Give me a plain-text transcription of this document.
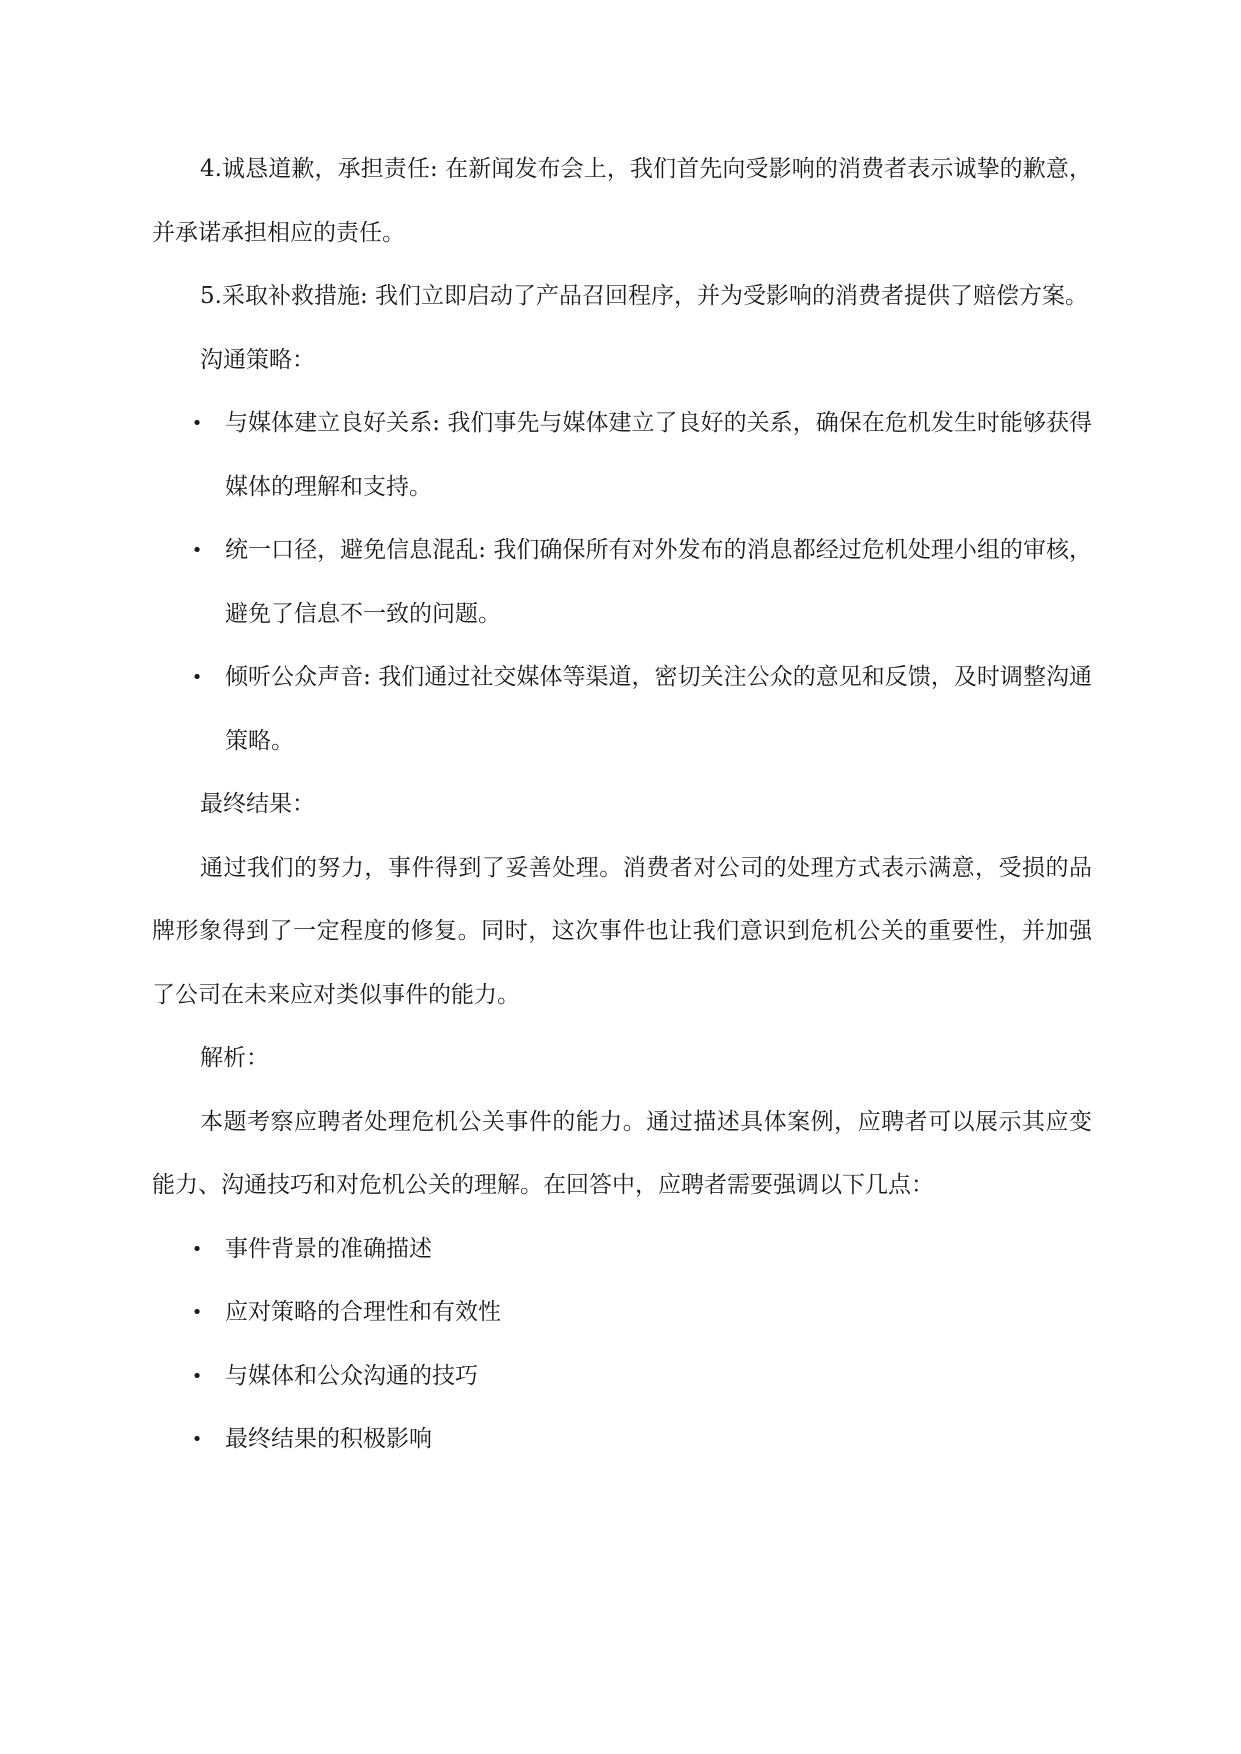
4.诚恳道歉，承担责任: 在新闻发布会上，我们首先向受影响的消费者表示诚挚的歉意，并承诺承担相应的责任。

5.采取补救措施: 我们立即启动了产品召回程序，并为受影响的消费者提供了赔偿方案。

沟通策略：

• 与媒体建立良好关系: 我们事先与媒体建立了良好的关系，确保在危机发生时能够获得媒体的理解和支持。
• 统一口径，避免信息混乱: 我们确保所有对外发布的消息都经过危机处理小组的审核，避免了信息不一致的问题。
• 倾听公众声音: 我们通过社交媒体等渠道，密切关注公众的意见和反馈，及时调整沟通策略。

最终结果：

通过我们的努力，事件得到了妥善处理。消费者对公司的处理方式表示满意，受损的品牌形象得到了一定程度的修复。同时，这次事件也让我们意识到危机公关的重要性，并加强了公司在未来应对类似事件的能力。

解析：

本题考察应聘者处理危机公关事件的能力。通过描述具体案例，应聘者可以展示其应变能力、沟通技巧和对危机公关的理解。在回答中，应聘者需要强调以下几点：

• 事件背景的准确描述
• 应对策略的合理性和有效性
• 与媒体和公众沟通的技巧
• 最终结果的积极影响
